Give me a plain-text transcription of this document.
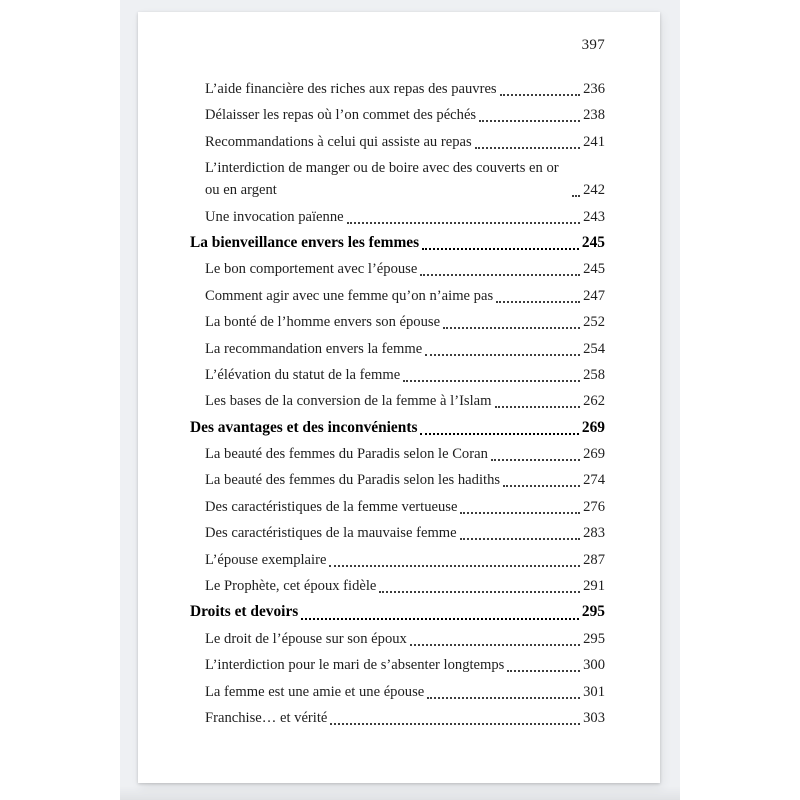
397
L’aide financière des riches aux repas des pauvres	236
Délaisser les repas où l’on commet des péchés	238
Recommandations à celui qui assiste au repas	241
L’interdiction de manger ou de boire avec des couverts en or ou en argent	242
Une invocation païenne	243
La bienveillance envers les femmes	245
Le bon comportement avec l’épouse	245
Comment agir avec une femme qu’on n’aime pas	247
La bonté de l’homme envers son épouse	252
La recommandation envers la femme	254
L’élévation du statut de la femme	258
Les bases de la conversion de la femme à l’Islam	262
Des avantages et des inconvénients	269
La beauté des femmes du Paradis selon le Coran	269
La beauté des femmes du Paradis selon les hadiths	274
Des caractéristiques de la femme vertueuse	276
Des caractéristiques de la mauvaise femme	283
L’épouse exemplaire	287
Le Prophète, cet époux fidèle	291
Droits et devoirs	295
Le droit de l’épouse sur son époux	295
L’interdiction pour le mari de s’absenter longtemps	300
La femme est une amie et une épouse	301
Franchise… et vérité	303
